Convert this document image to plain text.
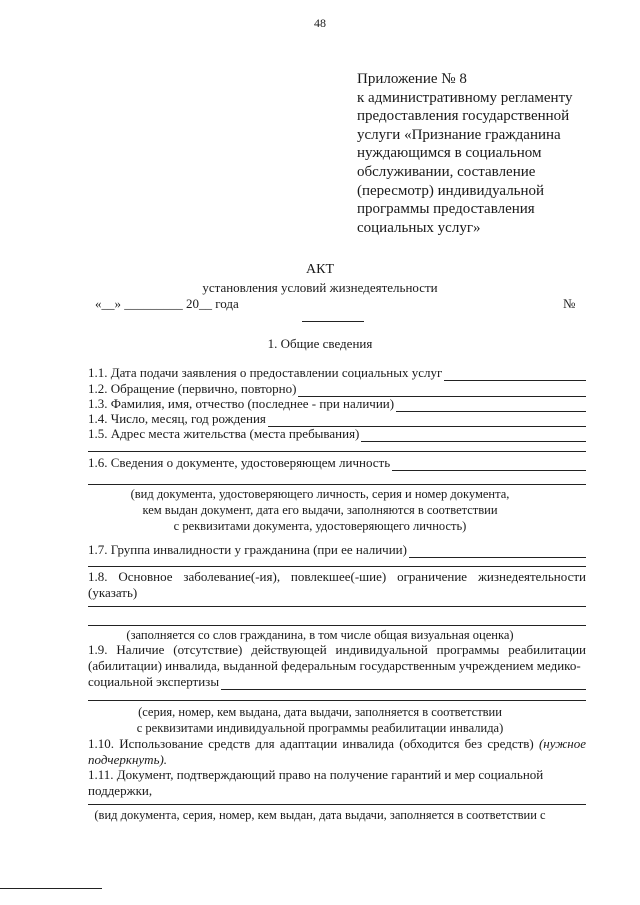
48
Приложение № 8
к административному регламенту
предоставления государственной
услуги «Признание гражданина
нуждающимся в социальном
обслуживании, составление
(пересмотр) индивидуальной
программы предоставления
социальных услуг»
АКТ
установления условий жизнедеятельности
«__» _________ 20__ года	№
1. Общие сведения
1.1. Дата подачи заявления о предоставлении социальных услуг
1.2. Обращение (первично, повторно)
1.3. Фамилия, имя, отчество (последнее - при наличии)
1.4. Число, месяц, год рождения
1.5. Адрес места жительства (места пребывания)
1.6. Сведения о документе, удостоверяющем личность
(вид документа, удостоверяющего личность, серия и номер документа,
кем выдан документ, дата его выдачи, заполняются в соответствии
с реквизитами документа, удостоверяющего личность)
1.7. Группа инвалидности у гражданина (при ее наличии)
1.8. Основное заболевание(-ия), повлекшее(-шие) ограничение жизнедеятельности (указать)
(заполняется со слов гражданина, в том числе общая визуальная оценка)
1.9. Наличие (отсутствие) действующей индивидуальной программы реабилитации (абилитации) инвалида, выданной федеральным государственным учреждением медико-
социальной экспертизы
(серия, номер, кем выдана, дата выдачи, заполняется в соответствии
с реквизитами индивидуальной программы реабилитации инвалида)
1.10. Использование средств для адаптации инвалида (обходится без средств) (нужное подчеркнуть).
1.11. Документ, подтверждающий право на получение гарантий и мер социальной
поддержки,
(вид документа, серия, номер, кем выдан, дата выдачи, заполняется в соответствии с
